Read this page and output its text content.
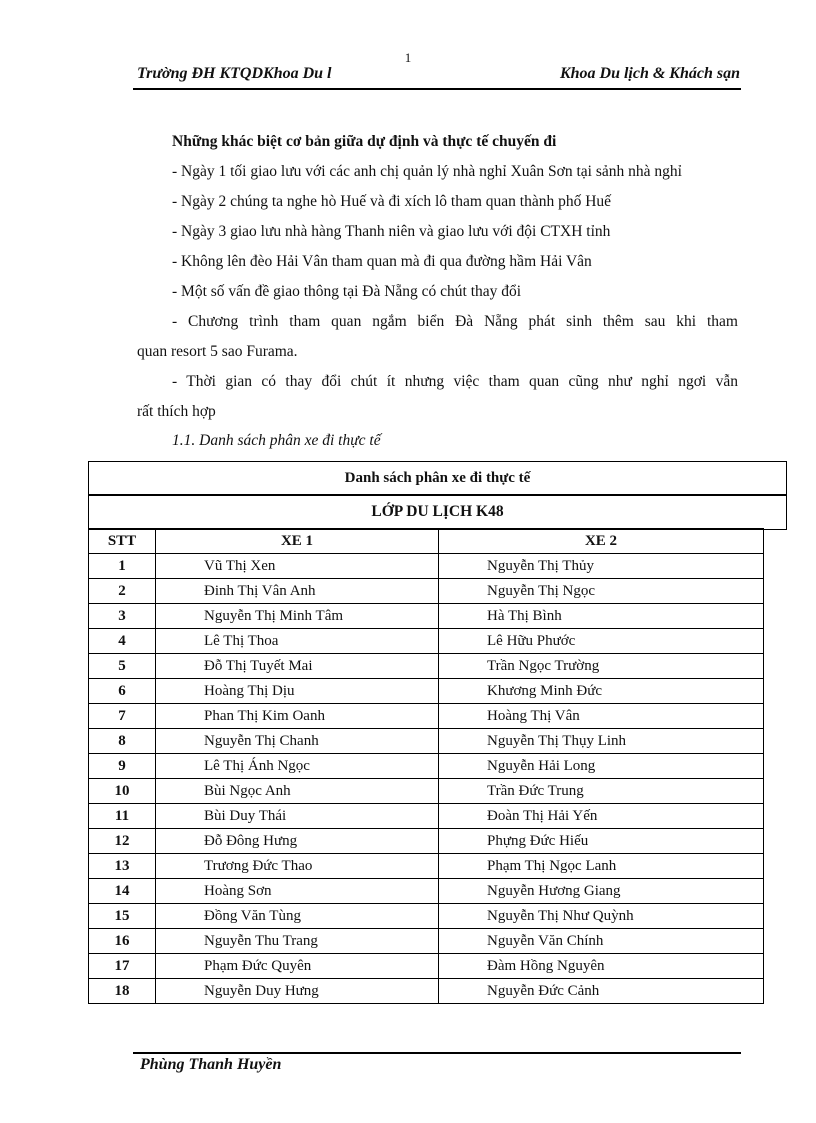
1
Trường ĐH KTQDKhoa Du l	Khoa Du lịch & Khách sạn
Những khác biệt cơ bản giữa dự định và thực tế chuyến đi
- Ngày 1 tối giao lưu với các anh chị quản lý nhà nghỉ Xuân Sơn tại sảnh nhà nghỉ
- Ngày 2 chúng ta nghe hò Huế và đi xích lô tham quan thành phố Huế
- Ngày 3 giao lưu nhà hàng Thanh niên và giao lưu với đội CTXH tỉnh
- Không lên đèo Hải Vân tham quan mà đi qua đường hầm Hải Vân
- Một số vấn đề giao thông tại Đà Nẵng có chút thay đổi
- Chương trình tham quan ngắm biển Đà Nẵng phát sinh thêm sau khi tham
quan resort 5 sao Furama.
- Thời gian có thay đổi chút ít nhưng việc tham quan cũng như nghỉ ngơi vẫn
rất thích hợp
1.1. Danh sách phân xe đi thực tế
Danh sách phân xe đi thực tế
LỚP DU LỊCH K48
STT	XE 1	XE 2
1	Vũ Thị Xen	Nguyễn Thị Thủy
2	Đinh Thị Vân Anh	Nguyễn Thị Ngọc
3	Nguyễn Thị Minh Tâm	Hà Thị Bình
4	Lê Thị Thoa	Lê Hữu Phước
5	Đỗ Thị Tuyết Mai	Trần Ngọc Trường
6	Hoàng Thị Dịu	Khương Minh Đức
7	Phan Thị Kim Oanh	Hoàng Thị Vân
8	Nguyễn Thị Chanh	Nguyễn Thị Thụy Linh
9	Lê Thị Ánh Ngọc	Nguyễn Hải Long
10	Bùi Ngọc Anh	Trần Đức Trung
11	Bùi Duy Thái	Đoàn Thị Hải Yến
12	Đỗ Đông Hưng	Phựng Đức Hiếu
13	Trương Đức Thao	Phạm Thị Ngọc Lanh
14	Hoàng Sơn	Nguyễn Hương Giang
15	Đồng Văn Tùng	Nguyễn Thị Như Quỳnh
16	Nguyễn Thu Trang	Nguyễn Văn Chính
17	Phạm Đức Quyên	Đàm Hồng Nguyên
18	Nguyễn Duy Hưng	Nguyễn Đức Cảnh
Phùng Thanh Huyền
